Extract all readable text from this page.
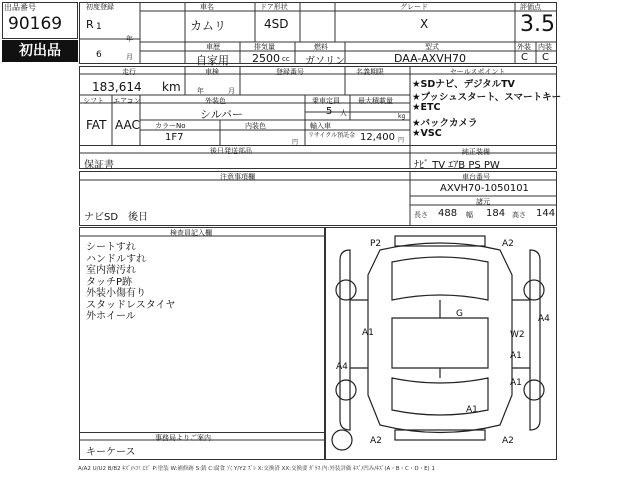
出品番号
90169
初度登録
R 1
年
6	月
初出品
車名
カムリ
ドア形状
4SD
グレード
X
評価点
3.5
外装 内装
C C
車歴
自家用
排気量
2500 cc
燃料
ガソリン
型式
DAA-AXVH70
走行
183,614 km
車検
年	月
登録番号	名義期限	セールスポイント
★SDナビ、デジタルTV
★プッシュスタート、スマートキー
★ETC
★バックカメラ
★VSC
シフト エアコン
FAT AAC
外装色
シルバー
乗車定員
5 人
最大積載量
kg
カラーNo
1F7
内装色	輸入車
円
リサイクル預託金 12,400 円
純正装備
後日発送部品
保証書	ﾅﾋﾞ TV ｴｱB PS PW
注意事項欄
ナビSD　後日
車台番号
AXVH70-1050101
諸元
長さ 488 幅 184 高さ 144
検査員記入欄
シートすれ
ハンドルすれ
室内薄汚れ
タッチP跡
外装小傷有り
スタッドレスタイヤ
外ホイール
事務局よりご案内
キーケース
P2	A2
A4
G
A1	W2
A1
A1
A4
A1
A2	A2
A/A2 U/U2 B/B2 ｷｽﾞ/ﾍｺﾐ ｴﾋﾞ P:塗装 W:補修跡 S:錆 C:腐食 穴 Y/Y2 ｽﾞﾚ X:交換済 XX:交換要 ｶﾞﾗｽ 内:外装評価 ｷｽﾞ/凹み/ｷｽﾞ(A・B・C・D・E) 1
